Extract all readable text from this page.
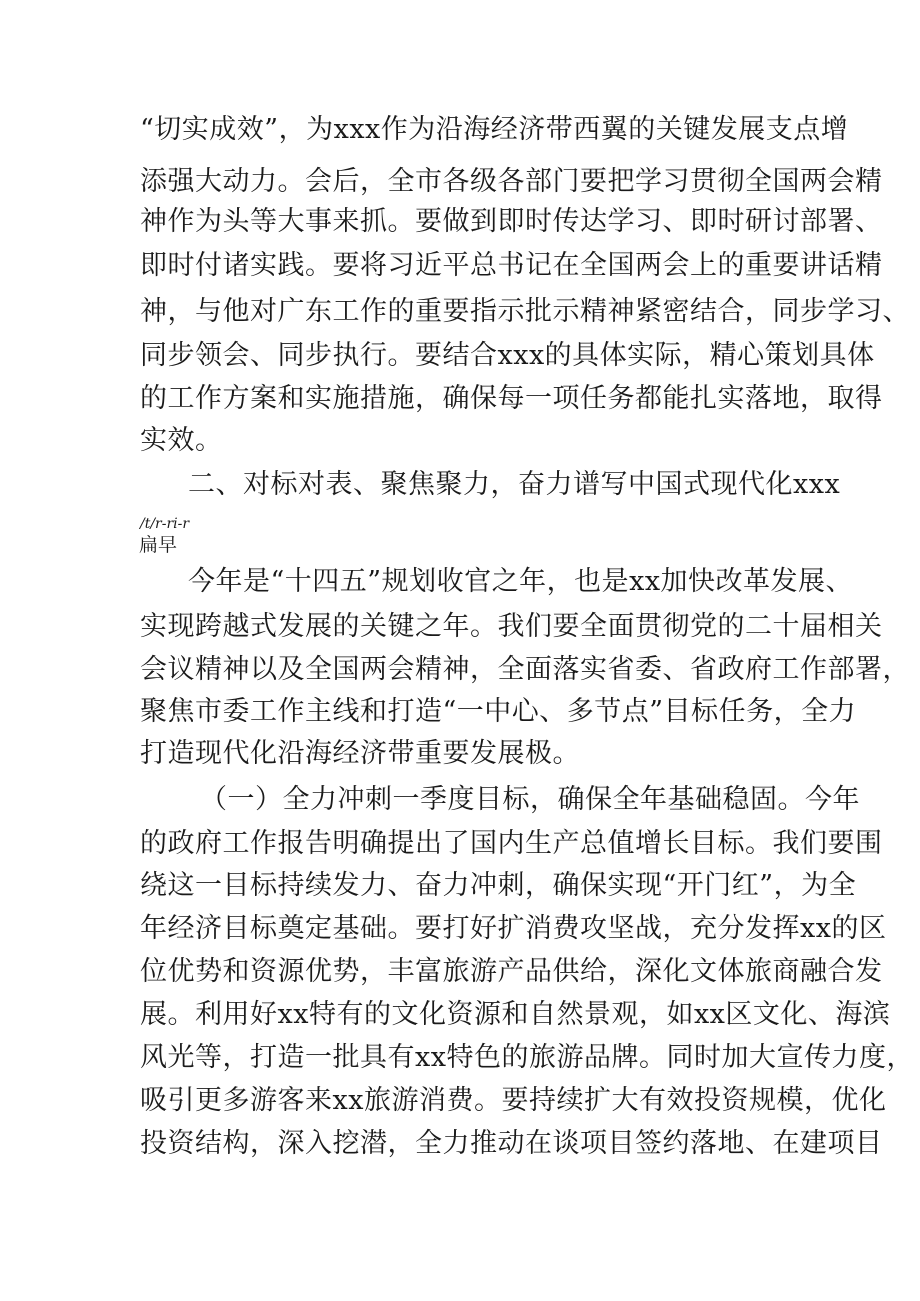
“切实成效”，为xxx作为沿海经济带西翼的关键发展支点增
添强大动力。会后，全市各级各部门要把学习贯彻全国两会精
神作为头等大事来抓。要做到即时传达学习、即时研讨部署、
即时付诸实践。要将习近平总书记在全国两会上的重要讲话精
神，与他对广东工作的重要指示批示精神紧密结合，同步学习、
同步领会、同步执行。要结合xxx的具体实际，精心策划具体
的工作方案和实施措施，确保每一项任务都能扎实落地，取得
实效。
二、对标对表、聚焦聚力，奋力谱写中国式现代化xxx
/t/r-ri-r
扁早
今年是“十四五”规划收官之年，也是xx加快改革发展、
实现跨越式发展的关键之年。我们要全面贯彻党的二十届相关
会议精神以及全国两会精神，全面落实省委、省政府工作部署，
聚焦市委工作主线和打造“一中心、多节点”目标任务，全力
打造现代化沿海经济带重要发展极。
（一）全力冲刺一季度目标，确保全年基础稳固。今年
的政府工作报告明确提出了国内生产总值增长目标。我们要围
绕这一目标持续发力、奋力冲刺，确保实现“开门红”，为全
年经济目标奠定基础。要打好扩消费攻坚战，充分发挥xx的区
位优势和资源优势，丰富旅游产品供给，深化文体旅商融合发
展。利用好xx特有的文化资源和自然景观，如xx区文化、海滨
风光等，打造一批具有xx特色的旅游品牌。同时加大宣传力度，
吸引更多游客来xx旅游消费。要持续扩大有效投资规模，优化
投资结构，深入挖潜，全力推动在谈项目签约落地、在建项目
